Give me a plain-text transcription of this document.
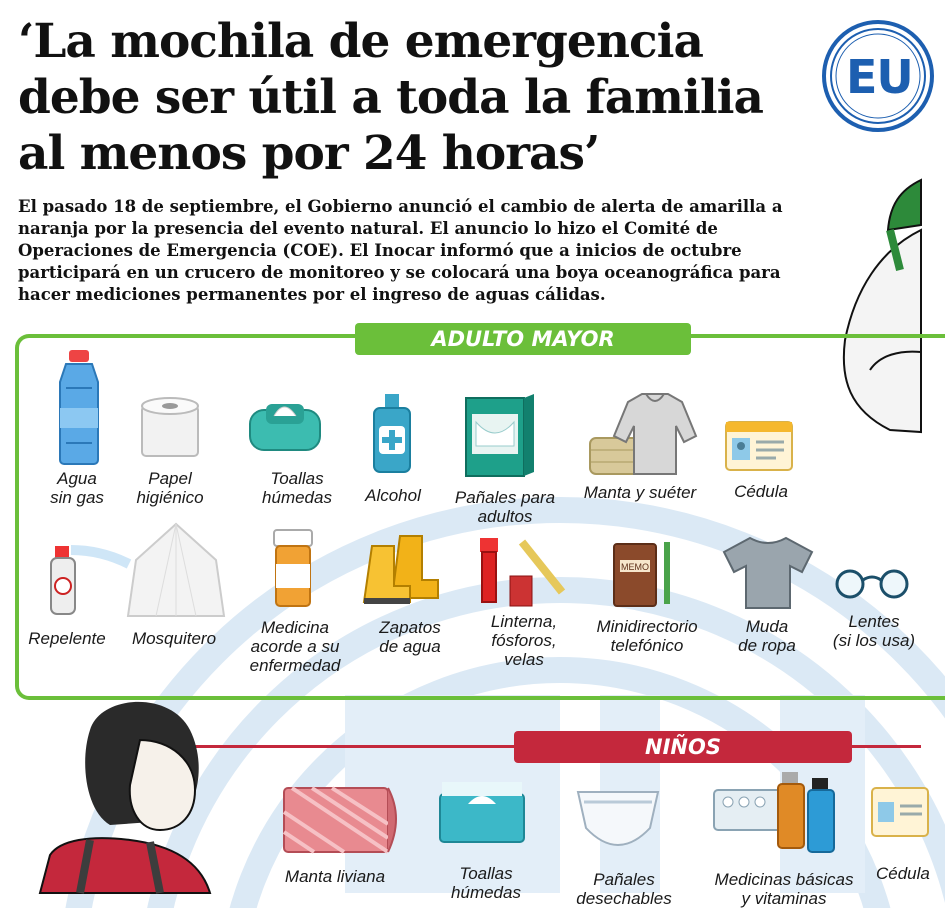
‘La mochila de emergencia debe ser útil a toda la familia al menos por 24 horas’

El pasado 18 de septiembre, el Gobierno anunció el cambio de alerta de amarilla a naranja por la presencia del evento natural. El anuncio lo hizo el Comité de Operaciones de Emergencia (COE). El Inocar informó que a inicios de octubre participará en un crucero de monitoreo y se colocará una boya oceanográfica para hacer mediciones permanentes por el ingreso de aguas cálidas.

EU
ADULTO MAYOR
Agua
sin gas
Papel
higiénico
Toallas
húmedas	Alcohol	Pañales para
adultos
Manta y suéter	Cédula
MEMO
Repelente	Mosquitero
Medicina
acorde a su
enfermedad
Zapatos
de agua
Linterna,
fósforos,
velas
Minidirectorio
telefónico
Muda
de ropa
Lentes
(si los usa)
NIÑOS
Manta liviana	Toallas
húmedas
Pañales
desechables
Medicinas básicas
y vitaminas
Cédula
